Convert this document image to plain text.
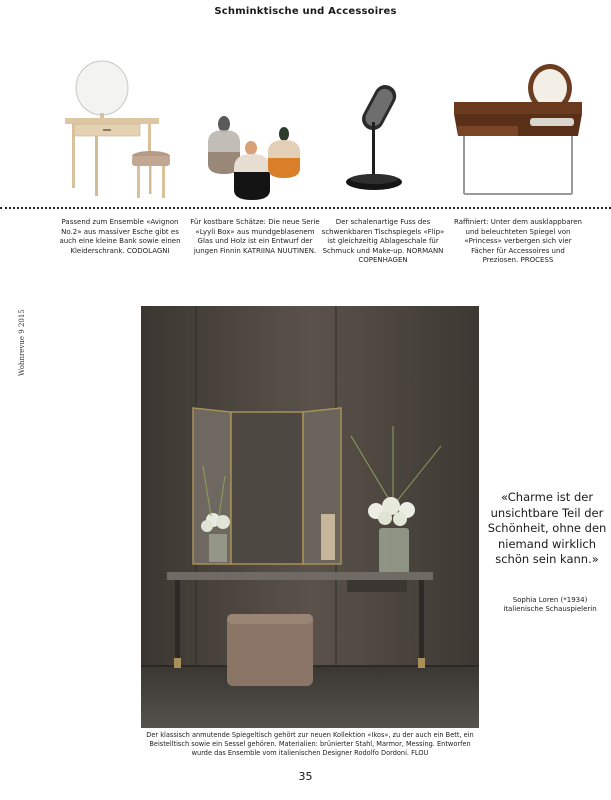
Schminktische und Accessoires
Passend zum Ensemble «Avignon No.2» aus massiver Esche gibt es auch eine kleine Bank sowie einen Kleiderschrank. CODOLAGNI
Für kostbare Schätze: Die neue Serie «Lyyli Box» aus mundgeblasenem Glas und Holz ist ein Entwurf der jungen Finnin KATRIINA NUUTINEN.
Der schalenartige Fuss des schwenkbaren Tischspiegels «Flip» ist gleichzeitig Ablageschale für Schmuck und Make-up. NORMANN COPENHAGEN
Raffiniert: Unter dem ausklappbaren und beleuchteten Spiegel von «Princess» verbergen sich vier Fächer für Accessoires und Preziosen. PROCESS
Wohnrevue 9 2015
«Charme ist der unsichtbare Teil der Schönheit, ohne den niemand wirklich schön sein kann.»
Sophia Loren (*1934)
italienische Schauspielerin
Der klassisch anmutende Spiegeltisch gehört zur neuen Kollektion «Ikos», zu der auch ein Bett, ein Beistelltisch sowie ein Sessel gehören. Materialien: brünierter Stahl, Marmor, Messing. Entworfen wurde das Ensemble vom italienischen Designer Rodolfo Dordoni. FLOU
35
